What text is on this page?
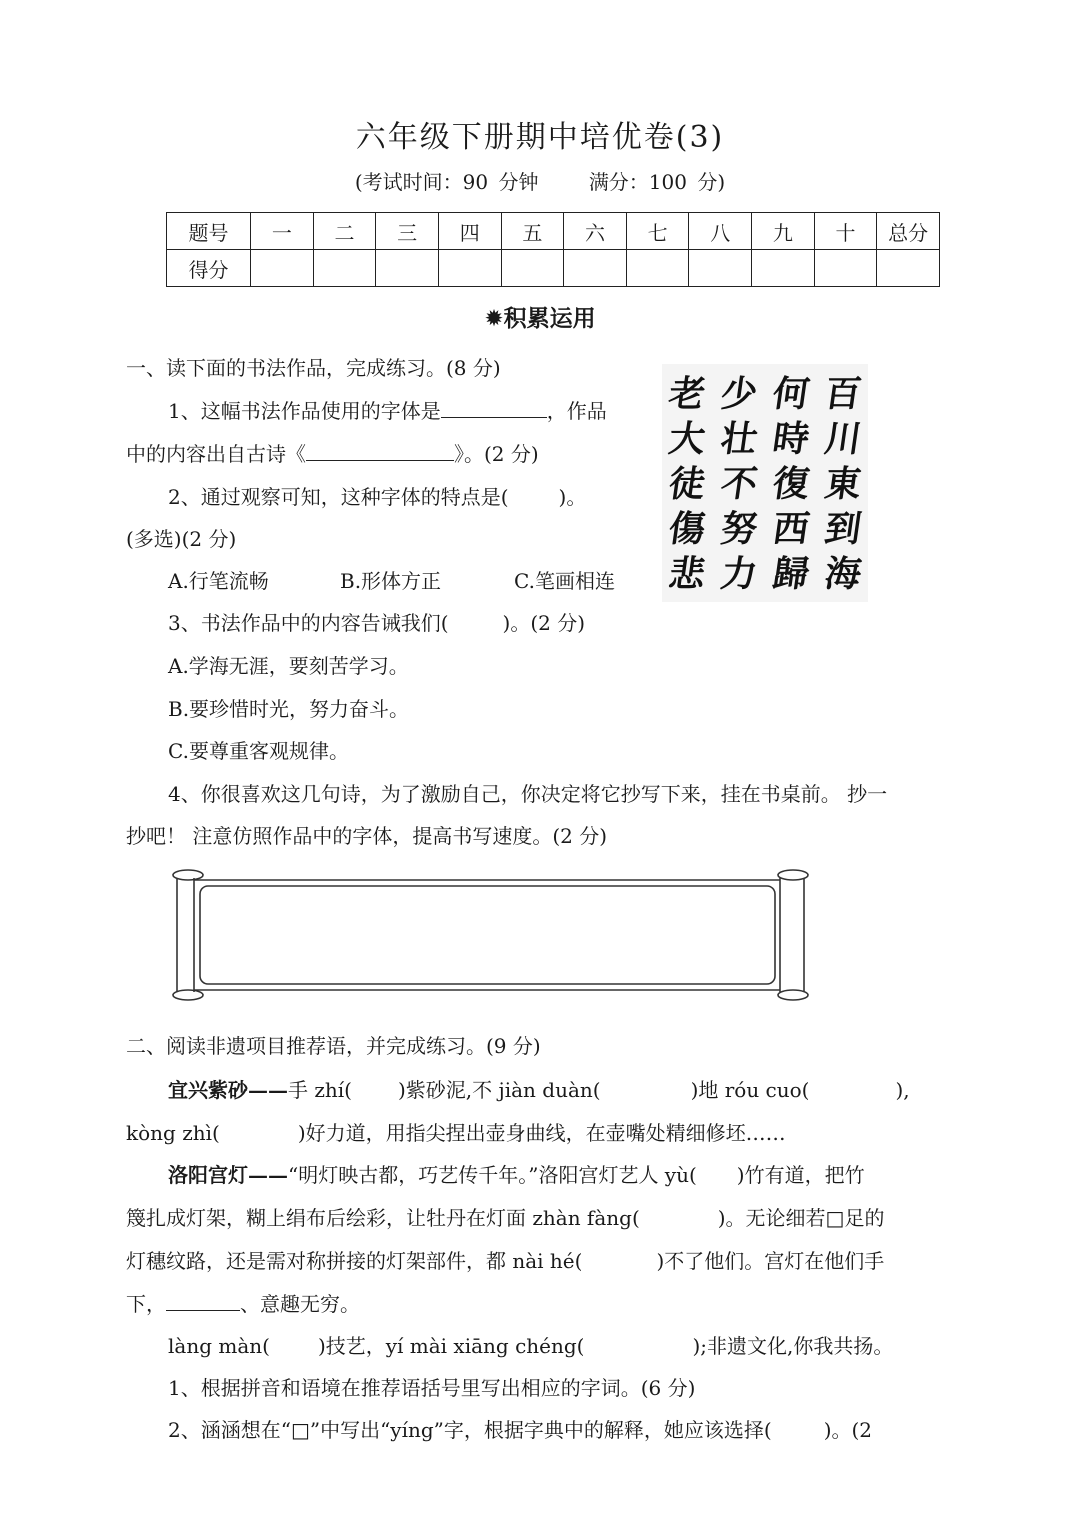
六年级下册期中培优卷(3)
(考试时间：90 分钟	满分：100 分)
题号	一	二	三	四	五	六	七	八	九	十	总分
得分											
✹积累运用
一、读下面的书法作品，完成练习。(8 分)
1、这幅书法作品使用的字体是	，作品
中的内容出自古诗《	》。(2 分)
2、通过观察可知，这种字体的特点是(	)。
(多选)(2 分)
A.行笔流畅	B.形体方正	C.笔画相连
3、书法作品中的内容告诫我们(	)。(2 分)
A.学海无涯，要刻苦学习。
B.要珍惜时光，努力奋斗。
C.要尊重客观规律。
4、你很喜欢这几句诗，为了激励自己，你决定将它抄写下来，挂在书桌前。 抄一
抄吧！ 注意仿照作品中的字体，提高书写速度。(2 分)
老
大
徒
傷
悲
少
壮
不
努
力
何
時
復
西
歸
百
川
東
到
海
二、阅读非遗项目推荐语，并完成练习。(9 分)
宜兴紫砂——手 zhí( )紫砂泥,不 jiàn duàn(	)地 róu cuo(	),
kòng zhì(	)好力道，用指尖捏出壶身曲线，在壶嘴处精细修坯……
洛阳宫灯——“明灯映古都，巧艺传千年。”洛阳宫灯艺人 yù( )竹有道，把竹
篾扎成灯架，糊上绢布后绘彩，让牡丹在灯面 zhàn fàng(	)。无论细若□足的
灯穗纹路，还是需对称拼接的灯架部件，都 nài hé(	)不了他们。宫灯在他们手
下，	、意趣无穷。
làng màn( )技艺，yí mài xiāng chéng(	);非遗文化,你我共扬。
1、根据拼音和语境在推荐语括号里写出相应的字词。(6 分)
2、涵涵想在“□”中写出“yíng”字，根据字典中的解释，她应该选择(	)。(2
